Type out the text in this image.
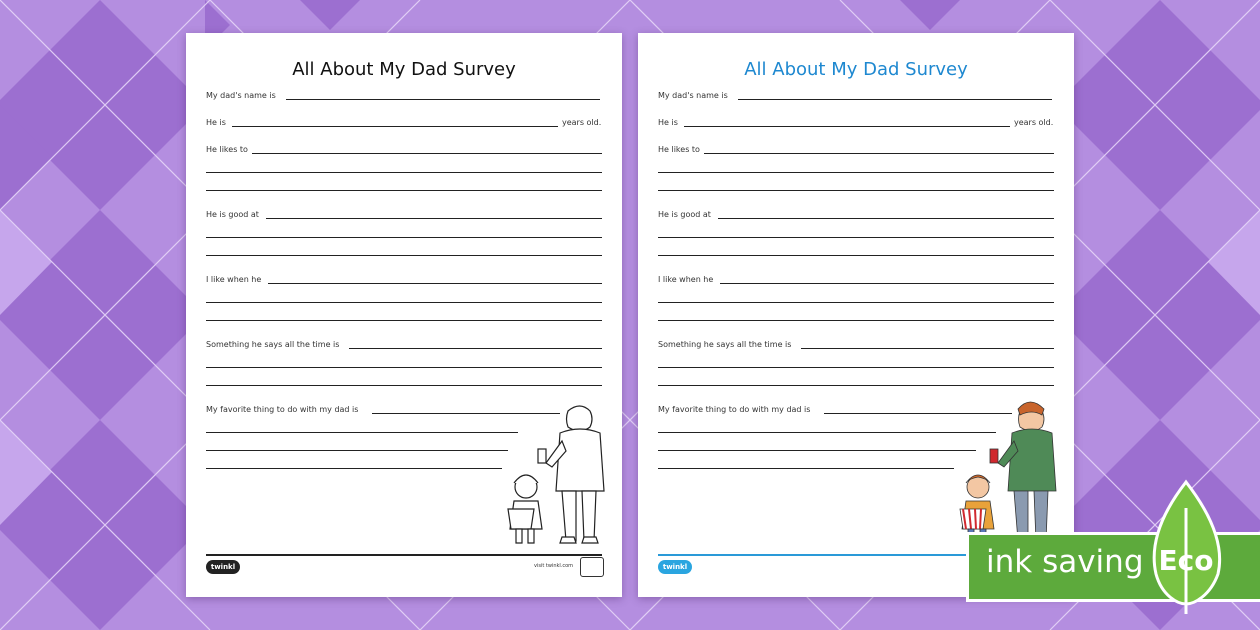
All About My Dad Survey
My dad's name is
He is	years old.
He likes to
He is good at
I like when he
Something he says all the time is
My favorite thing to do with my dad is
twinkl	visit twinkl.com
All About My Dad Survey
My dad's name is
He is	years old.
He likes to
He is good at
I like when he
Something he says all the time is
My favorite thing to do with my dad is
twinkl	ink saving Eco
